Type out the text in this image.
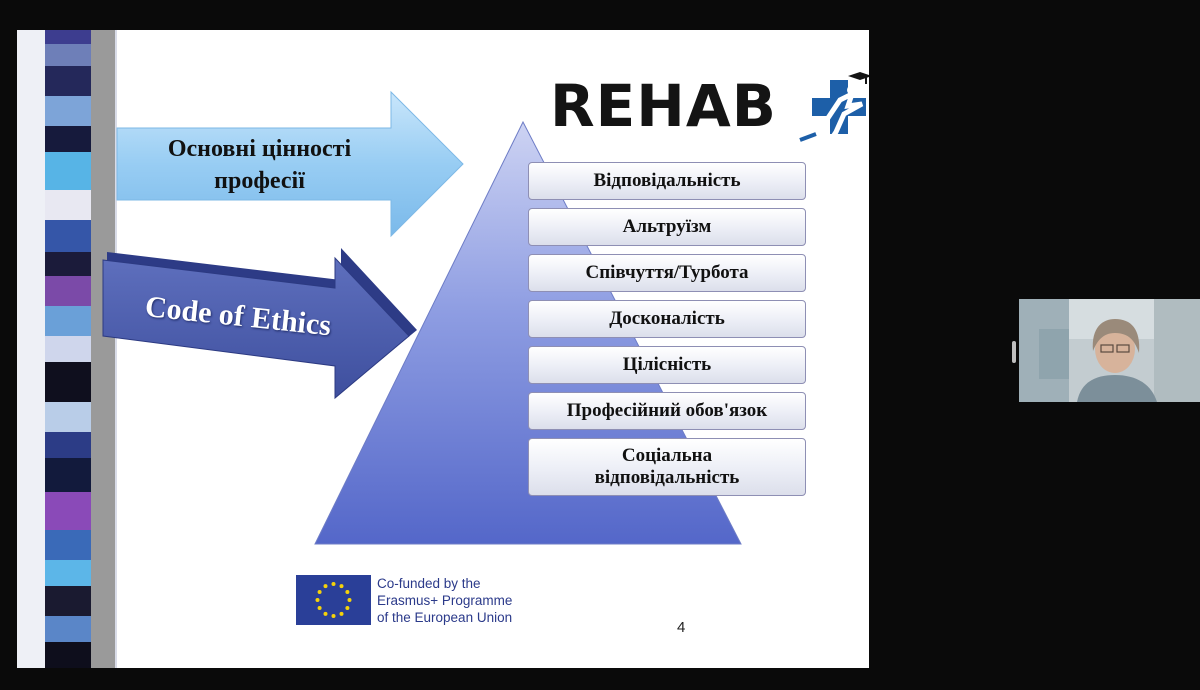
REHAB
Основні цінності
професії
Code of Ethics
Відповідальність
Альтруїзм
Співчуття/Турбота
Досконалість
Цілісність
Професійний обов'язок
Соціальна
відповідальність
Co-funded by the
Erasmus+ Programme
of the European Union
4
